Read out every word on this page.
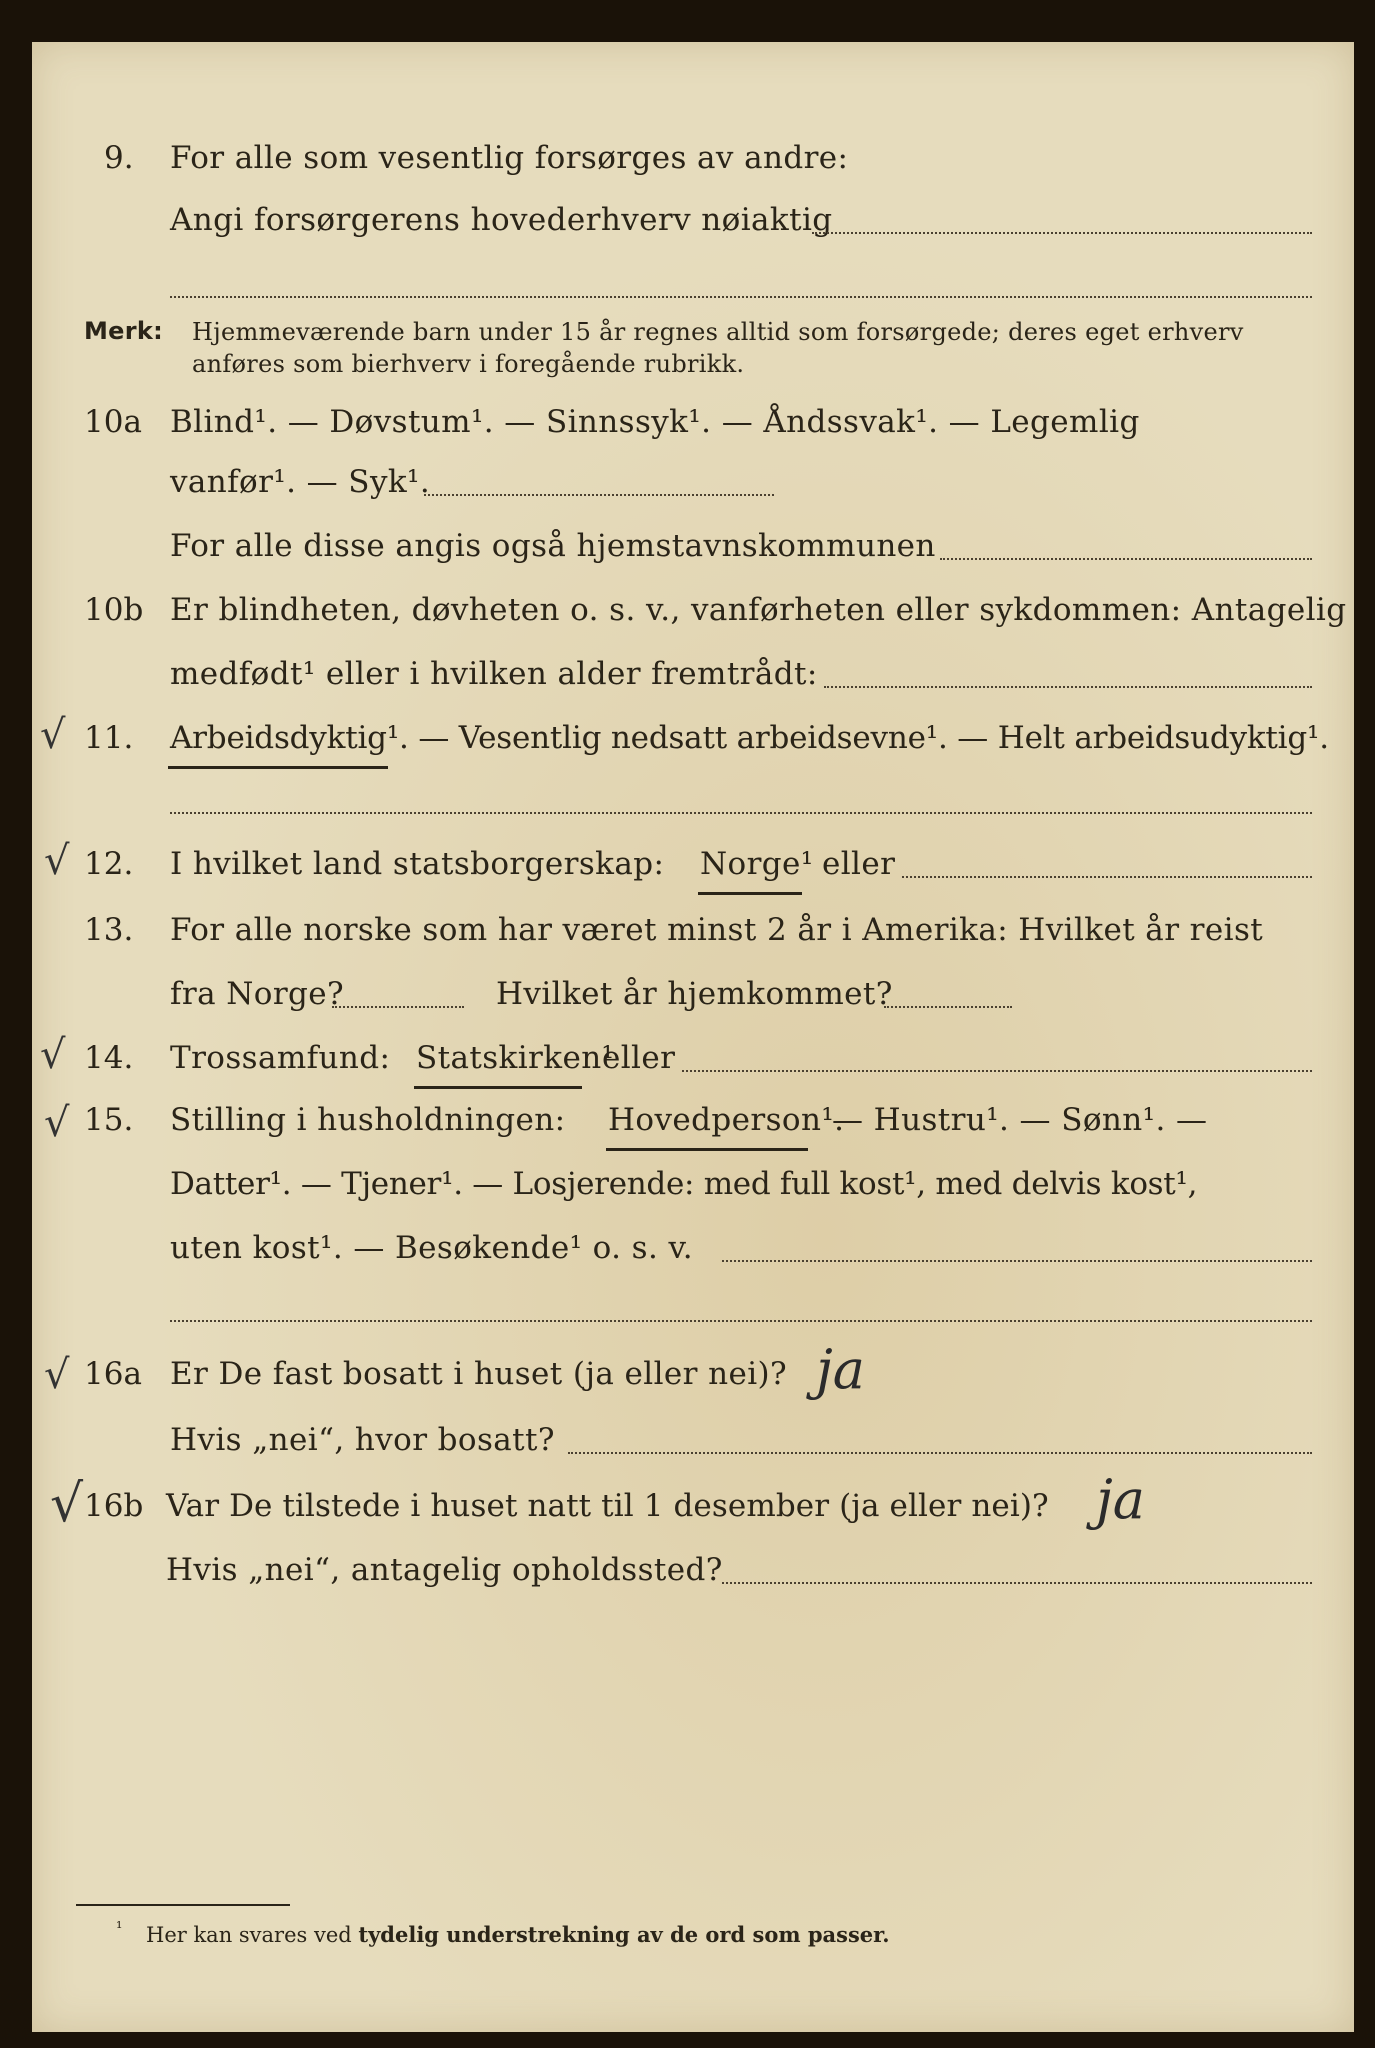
9. For alle som vesentlig forsørges av andre:
Angi forsørgerens hovederhverv nøiaktig
Merk: Hjemmeværende barn under 15 år regnes alltid som forsørgede; deres eget erhverv
anføres som bierhverv i foregående rubrikk.
10a Blind¹. — Døvstum¹. — Sinnssyk¹. — Åndssvak¹. — Legemlig
vanfør¹. — Syk¹.
For alle disse angis også hjemstavnskommunen
10b Er blindheten, døvheten o. s. v., vanførheten eller sykdommen: Antagelig
medfødt¹ eller i hvilken alder fremtrådt:
√ 11. Arbeidsdyktig¹. — Vesentlig nedsatt arbeidsevne¹. — Helt arbeidsudyktig¹.
√ 12. I hvilket land statsborgerskap: Norge¹ eller
13. For alle norske som har været minst 2 år i Amerika: Hvilket år reist
fra Norge?	Hvilket år hjemkommet?
√ 14. Trossamfund: Statskirken¹
eller
√ 15. Stilling i husholdningen: Hovedperson¹.
— Hustru¹. — Sønn¹. —
Datter¹. — Tjener¹. — Losjerende: med full kost¹, med delvis kost¹,
uten kost¹. — Besøkende¹ o. s. v.
√ 16a Er De fast bosatt i huset (ja eller nei)? ja
Hvis „nei“, hvor bosatt?
√ 16b Var De tilstede i huset natt til 1 desember (ja eller nei)? ja
Hvis „nei“, antagelig opholdssted?
¹ Her kan svares ved tydelig understrekning av de ord som passer.
